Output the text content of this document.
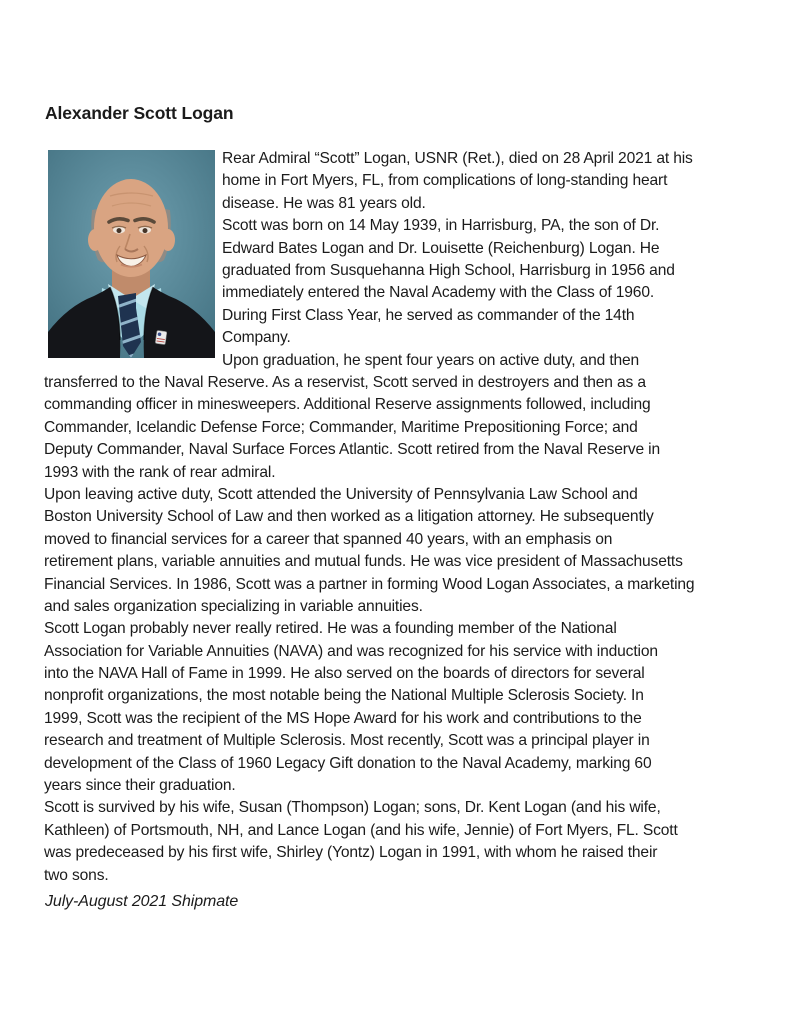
Alexander Scott Logan
Rear Admiral “Scott” Logan, USNR (Ret.), died on 28 April 2021 at his
home in Fort Myers, FL, from complications of long-standing heart
disease. He was 81 years old.
Scott was born on 14 May 1939, in Harrisburg, PA, the son of Dr.
Edward Bates Logan and Dr. Louisette (Reichenburg) Logan. He
graduated from Susquehanna High School, Harrisburg in 1956 and
immediately entered the Naval Academy with the Class of 1960.
During First Class Year, he served as commander of the 14th
Company.
Upon graduation, he spent four years on active duty, and then
transferred to the Naval Reserve. As a reservist, Scott served in destroyers and then as a
commanding officer in minesweepers. Additional Reserve assignments followed, including
Commander, Icelandic Defense Force; Commander, Maritime Prepositioning Force; and
Deputy Commander, Naval Surface Forces Atlantic. Scott retired from the Naval Reserve in
1993 with the rank of rear admiral.
Upon leaving active duty, Scott attended the University of Pennsylvania Law School and
Boston University School of Law and then worked as a litigation attorney. He subsequently
moved to financial services for a career that spanned 40 years, with an emphasis on
retirement plans, variable annuities and mutual funds. He was vice president of Massachusetts
Financial Services. In 1986, Scott was a partner in forming Wood Logan Associates, a marketing
and sales organization specializing in variable annuities.
Scott Logan probably never really retired. He was a founding member of the National
Association for Variable Annuities (NAVA) and was recognized for his service with induction
into the NAVA Hall of Fame in 1999. He also served on the boards of directors for several
nonprofit organizations, the most notable being the National Multiple Sclerosis Society. In
1999, Scott was the recipient of the MS Hope Award for his work and contributions to the
research and treatment of Multiple Sclerosis. Most recently, Scott was a principal player in
development of the Class of 1960 Legacy Gift donation to the Naval Academy, marking 60
years since their graduation.
Scott is survived by his wife, Susan (Thompson) Logan; sons, Dr. Kent Logan (and his wife,
Kathleen) of Portsmouth, NH, and Lance Logan (and his wife, Jennie) of Fort Myers, FL. Scott
was predeceased by his first wife, Shirley (Yontz) Logan in 1991, with whom he raised their
two sons.
July-August 2021 Shipmate
